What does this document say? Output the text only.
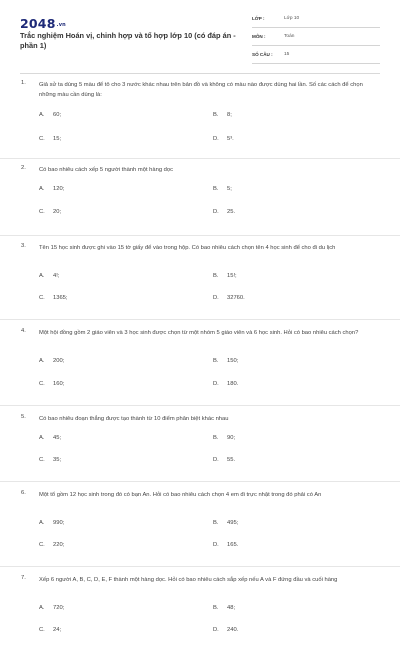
2048.vn
Trắc nghiệm Hoán vị, chỉnh hợp và tổ hợp lớp 10 (có đáp án - phần 1)
LỚP :	Lớp 10
MÔN :	Toán
SỐ CÂU : 15
1. Giả sử ta dùng 5 màu để tô cho 3 nước khác nhau trên bản đồ và không có màu nào được dùng hai lần. Số các cách để chọn những màu cần dùng là:
A. 60;	B. 8;
C. 15;	D. 5³.
2. Có bao nhiêu cách xếp 5 người thành một hàng dọc
A. 120;	B. 5;
C. 20;	D. 25.
3. Tên 15 học sinh được ghi vào 15 tờ giấy để vào trong hộp. Có bao nhiêu cách chọn tên 4 học sinh để cho đi du lịch
A. 4!;	B. 15!;
C. 1365;	D. 32760.
4. Một hội đồng gồm 2 giáo viên và 3 học sinh được chọn từ một nhóm 5 giáo viên và 6 học sinh. Hỏi có bao nhiêu cách chọn?
A. 200;	B. 150;
C. 160;	D. 180.
5. Có bao nhiêu đoạn thẳng được tạo thành từ 10 điểm phân biệt khác nhau
A. 45;	B. 90;
C. 35;	D. 55.
6. Một tổ gồm 12 học sinh trong đó có bạn An. Hỏi có bao nhiêu cách chọn 4 em đi trực nhật trong đó phải có An
A. 990;	B. 495;
C. 220;	D. 165.
7. Xếp 6 người A, B, C, D, E, F thành một hàng dọc. Hỏi có bao nhiêu cách sắp xếp nếu A và F đứng đầu và cuối hàng
A. 720;	B. 48;
C. 24;	D. 240.
